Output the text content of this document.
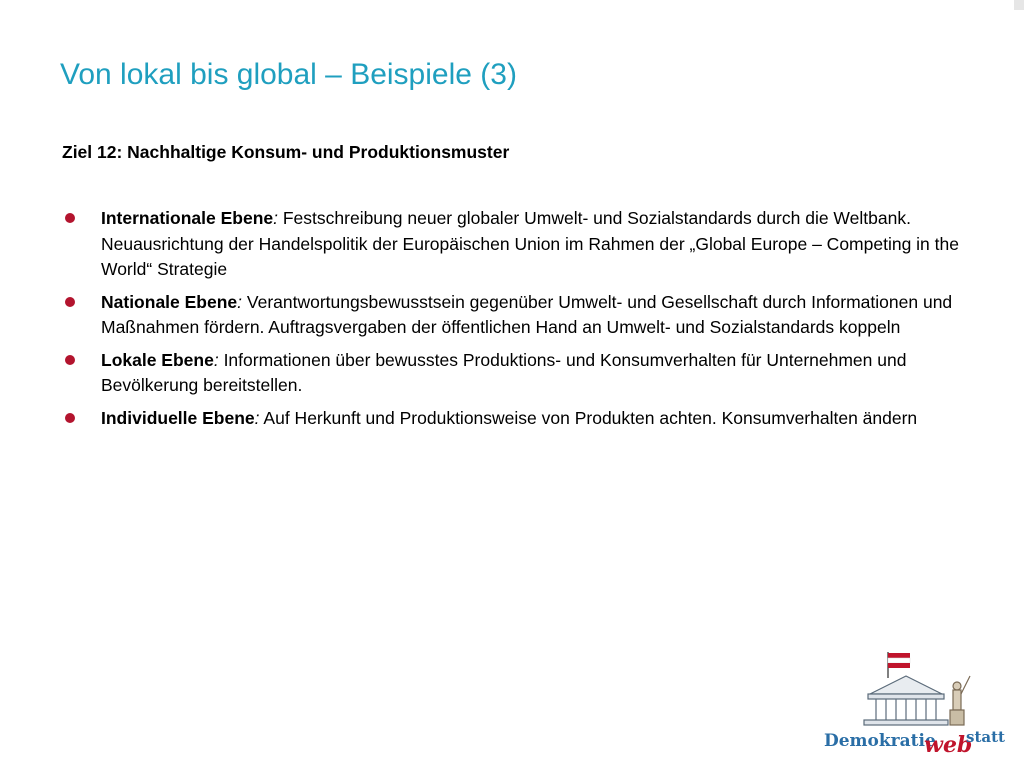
Von lokal bis global – Beispiele (3)

Ziel 12: Nachhaltige Konsum- und Produktionsmuster

Internationale Ebene: Festschreibung neuer globaler Umwelt- und Sozialstandards durch die Weltbank. Neuausrichtung der Handelspolitik der Europäischen Union im Rahmen der „Global Europe – Competing in the World“ Strategie
Nationale Ebene: Verantwortungsbewusstsein gegenüber Umwelt- und Gesellschaft durch Informationen und Maßnahmen fördern. Auftragsvergaben der öffentlichen Hand an Umwelt- und Sozialstandards koppeln
Lokale Ebene: Informationen über bewusstes Produktions- und Konsumverhalten für Unternehmen und Bevölkerung bereitstellen.
Individuelle Ebene: Auf Herkunft und Produktionsweise von Produkten achten. Konsumverhalten ändern
Demokratie
web
statt
